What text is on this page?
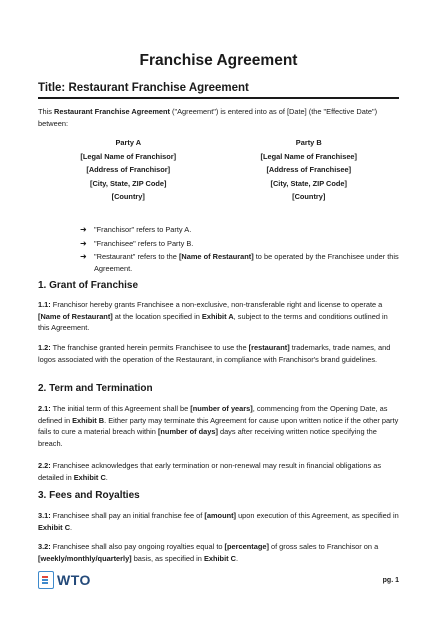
Franchise Agreement
Title: Restaurant Franchise Agreement

This Restaurant Franchise Agreement ("Agreement") is entered into as of [Date] (the "Effective Date") between:

Party A
[Legal Name of Franchisor]
[Address of Franchisor]
[City, State, ZIP Code]
[Country]
Party B
[Legal Name of Franchisee]
[Address of Franchisee]
[City, State, ZIP Code]
[Country]
➜ "Franchisor" refers to Party A.
➜ "Franchisee" refers to Party B.
➜ "Restaurant" refers to the [Name of Restaurant] to be operated by the Franchisee under this Agreement.
1. Grant of Franchise

1.1: Franchisor hereby grants Franchisee a non-exclusive, non-transferable right and license to operate a [Name of Restaurant] at the location specified in Exhibit A, subject to the terms and conditions outlined in this Agreement.

1.2: The franchise granted herein permits Franchisee to use the [restaurant] trademarks, trade names, and logos associated with the operation of the Restaurant, in compliance with Franchisor's brand guidelines.

2. Term and Termination

2.1: The initial term of this Agreement shall be [number of years], commencing from the Opening Date, as defined in Exhibit B. Either party may terminate this Agreement for cause upon written notice if the other party fails to cure a material breach within [number of days] days after receiving written notice specifying the breach.

2.2: Franchisee acknowledges that early termination or non-renewal may result in financial obligations as detailed in Exhibit C.

3. Fees and Royalties

3.1: Franchisee shall pay an initial franchise fee of [amount] upon execution of this Agreement, as specified in Exhibit C.

3.2: Franchisee shall also pay ongoing royalties equal to [percentage] of gross sales to Franchisor on a [weekly/monthly/quarterly] basis, as specified in Exhibit C.

WTO	pg. 1
